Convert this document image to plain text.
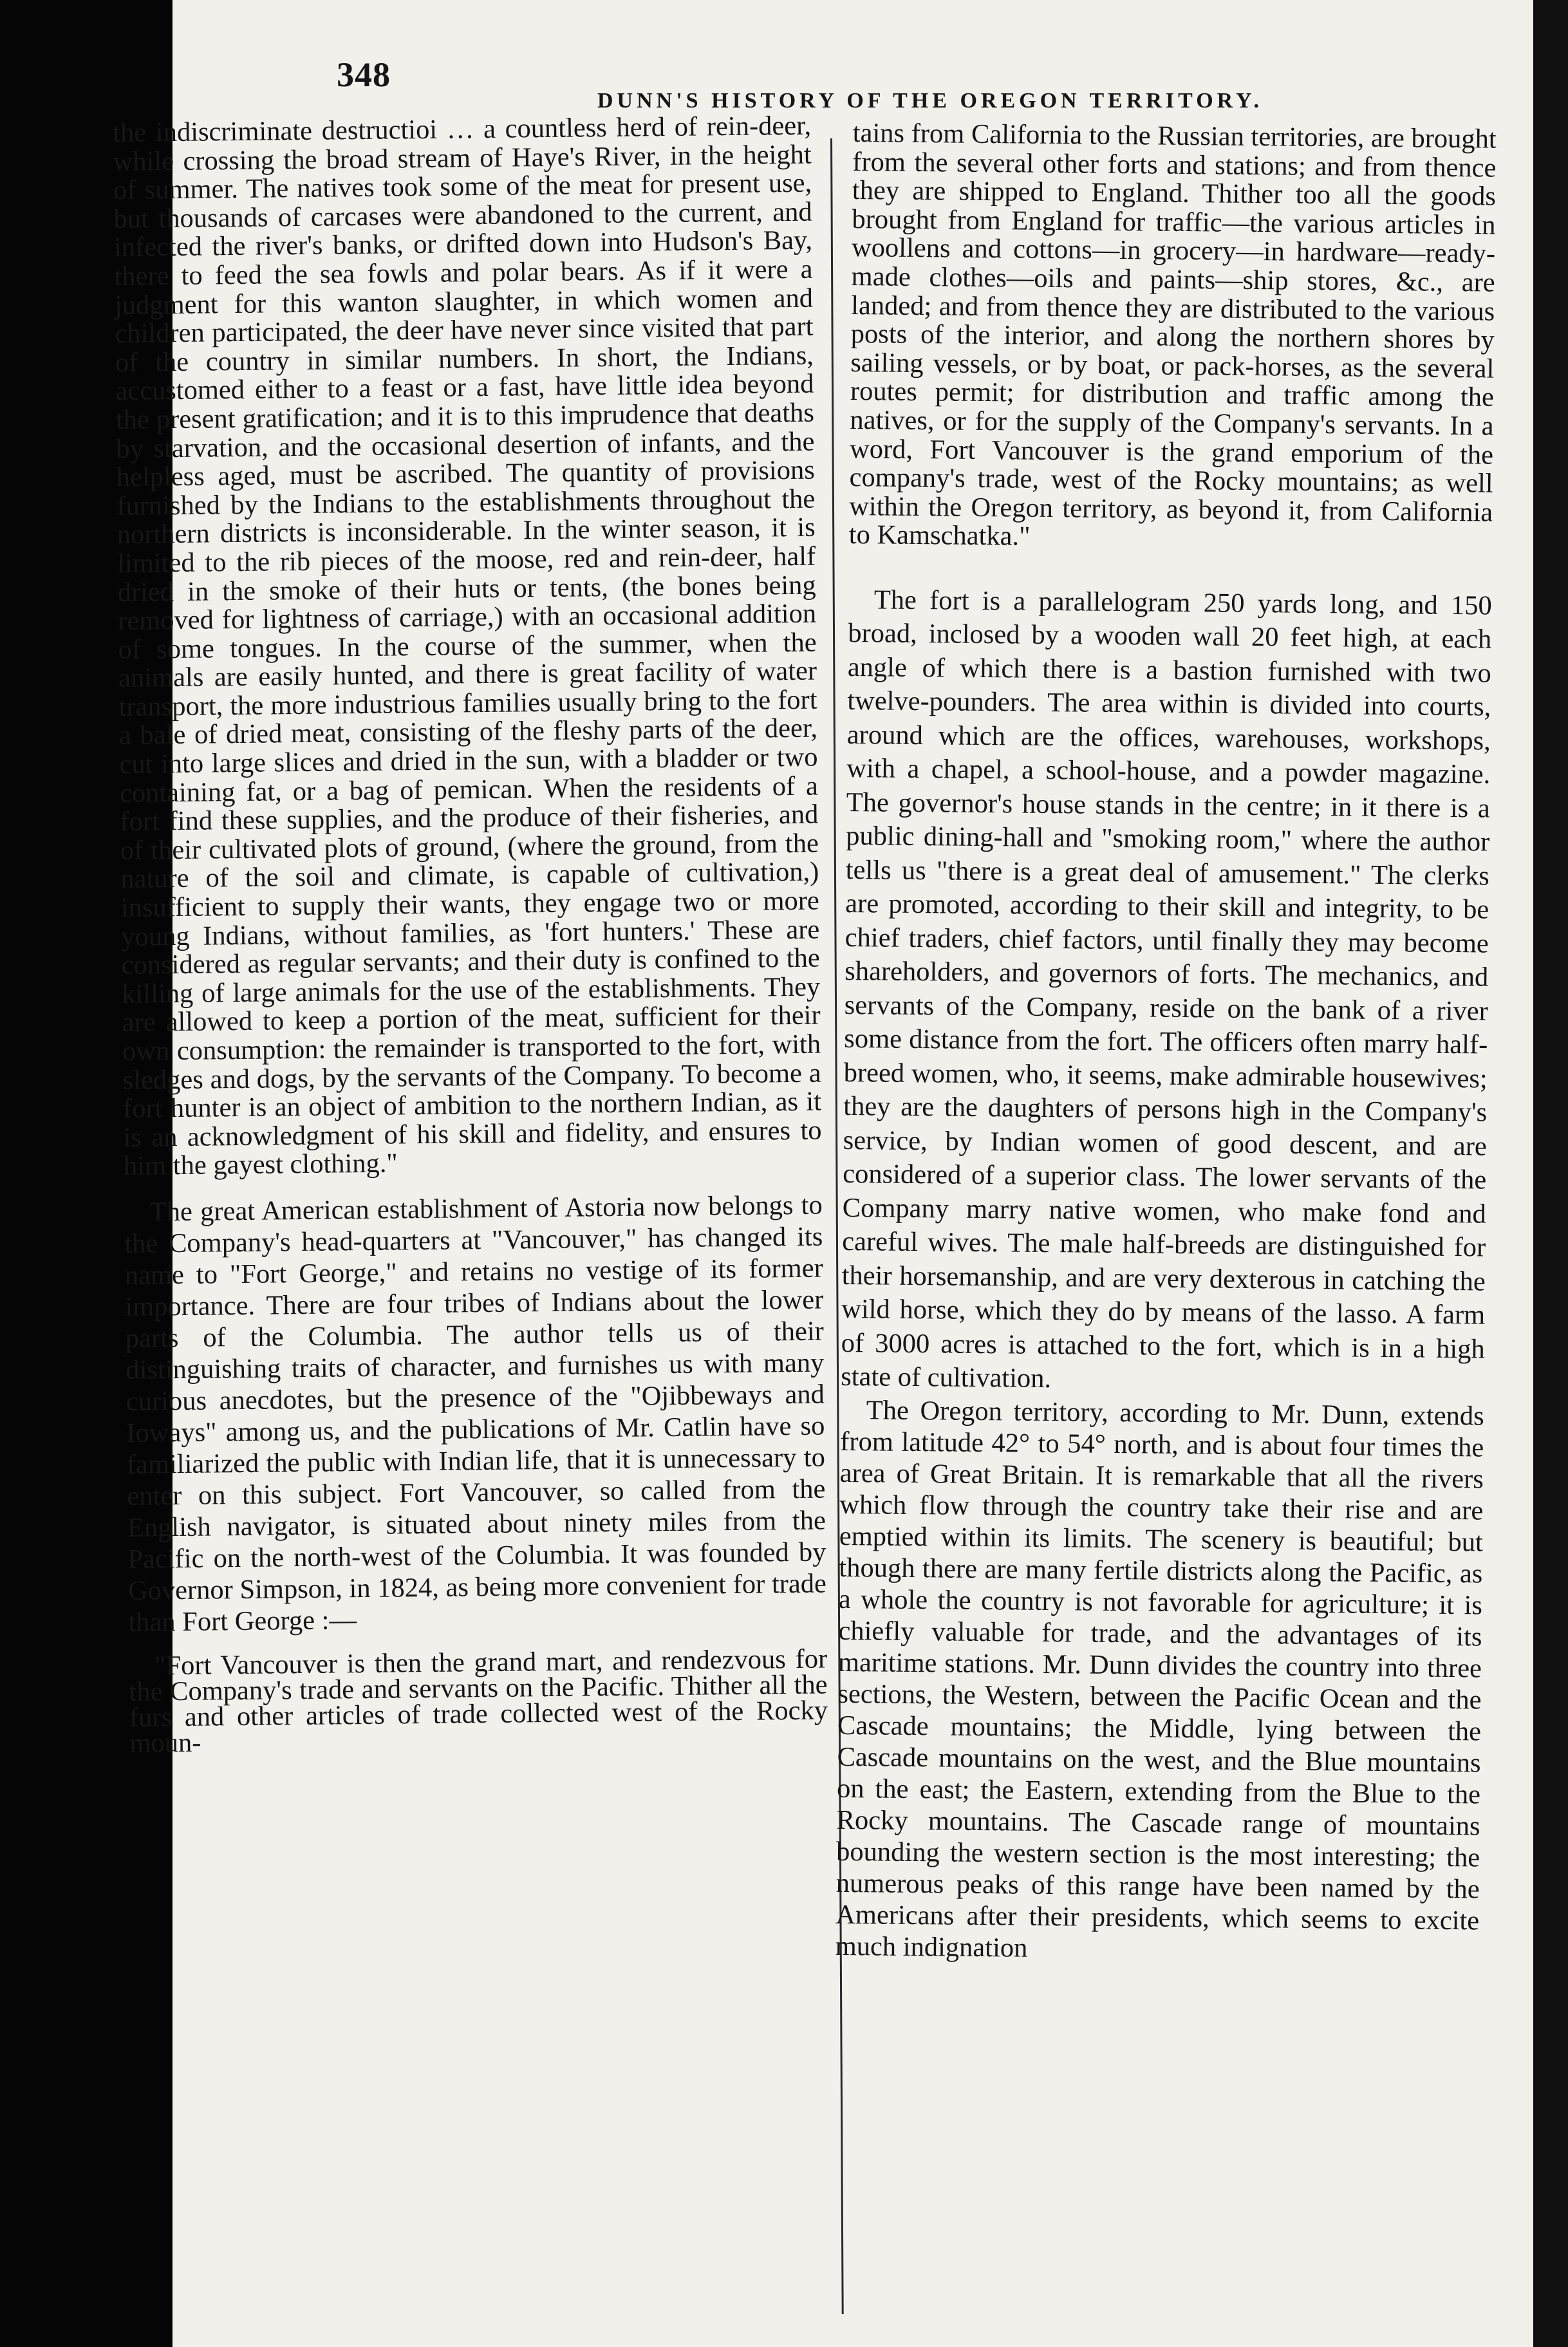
348
DUNN'S HISTORY OF THE OREGON TERRITORY.

the indiscriminate destructioi … a countless herd of rein-deer, while crossing the broad stream of Haye's River, in the height of summer. The natives took some of the meat for present use, but thousands of carcases were abandoned to the current, and infected the river's banks, or drifted down into Hudson's Bay, there to feed the sea fowls and polar bears. As if it were a judgment for this wanton slaughter, in which women and children participated, the deer have never since visited that part of the country in similar numbers. In short, the Indians, accustomed either to a feast or a fast, have little idea beyond the present gratification; and it is to this imprudence that deaths by starvation, and the occasional desertion of infants, and the helpless aged, must be ascribed. The quantity of provisions furnished by the Indians to the establishments throughout the northern districts is inconsiderable. In the winter season, it is limited to the rib pieces of the moose, red and rein-deer, half dried in the smoke of their huts or tents, (the bones being removed for lightness of carriage,) with an occasional addition of some tongues. In the course of the summer, when the animals are easily hunted, and there is great facility of water transport, the more industrious families usually bring to the fort a bale of dried meat, consisting of the fleshy parts of the deer, cut into large slices and dried in the sun, with a bladder or two containing fat, or a bag of pemican. When the residents of a fort find these supplies, and the produce of their fisheries, and of their cultivated plots of ground, (where the ground, from the nature of the soil and climate, is capable of cultivation,) insufficient to supply their wants, they engage two or more young Indians, without families, as 'fort hunters.' These are considered as regular servants; and their duty is confined to the killing of large animals for the use of the establishments. They are allowed to keep a portion of the meat, sufficient for their own consumption: the remainder is transported to the fort, with sledges and dogs, by the servants of the Company. To become a fort hunter is an object of ambition to the northern Indian, as it is an acknowledgment of his skill and fidelity, and ensures to him the gayest clothing."

The great American establishment of Astoria now belongs to the Company's head-quarters at "Vancouver," has changed its name to "Fort George," and retains no vestige of its former importance. There are four tribes of Indians about the lower parts of the Columbia. The author tells us of their distinguishing traits of character, and furnishes us with many curious anecdotes, but the presence of the "Ojibbeways and Ioways" among us, and the publications of Mr. Catlin have so familiarized the public with Indian life, that it is unnecessary to enter on this subject. Fort Vancouver, so called from the English navigator, is situated about ninety miles from the Pacific on the north-west of the Columbia. It was founded by Governor Simpson, in 1824, as being more convenient for trade than Fort George :—

"Fort Vancouver is then the grand mart, and rendezvous for the Company's trade and servants on the Pacific. Thither all the furs and other articles of trade collected west of the Rocky moun-

tains from California to the Russian territories, are brought from the several other forts and stations; and from thence they are shipped to England. Thither too all the goods brought from England for traffic—the various articles in woollens and cottons—in grocery—in hardware—ready-made clothes—oils and paints—ship stores, &c., are landed; and from thence they are distributed to the various posts of the interior, and along the northern shores by sailing vessels, or by boat, or pack-horses, as the several routes permit; for distribution and traffic among the natives, or for the supply of the Company's servants. In a word, Fort Vancouver is the grand emporium of the company's trade, west of the Rocky mountains; as well within the Oregon territory, as beyond it, from California to Kamschatka."

The fort is a parallelogram 250 yards long, and 150 broad, inclosed by a wooden wall 20 feet high, at each angle of which there is a bastion furnished with two twelve-pounders. The area within is divided into courts, around which are the offices, warehouses, workshops, with a chapel, a school-house, and a powder magazine. The governor's house stands in the centre; in it there is a public dining-hall and "smoking room," where the author tells us "there is a great deal of amusement." The clerks are promoted, according to their skill and integrity, to be chief traders, chief factors, until finally they may become shareholders, and governors of forts. The mechanics, and servants of the Company, reside on the bank of a river some distance from the fort. The officers often marry half-breed women, who, it seems, make admirable housewives; they are the daughters of persons high in the Company's service, by Indian women of good descent, and are considered of a superior class. The lower servants of the Company marry native women, who make fond and careful wives. The male half-breeds are distinguished for their horsemanship, and are very dexterous in catching the wild horse, which they do by means of the lasso. A farm of 3000 acres is attached to the fort, which is in a high state of cultivation.

The Oregon territory, according to Mr. Dunn, extends from latitude 42° to 54° north, and is about four times the area of Great Britain. It is remarkable that all the rivers which flow through the country take their rise and are emptied within its limits. The scenery is beautiful; but though there are many fertile districts along the Pacific, as a whole the country is not favorable for agriculture; it is chiefly valuable for trade, and the advantages of its maritime stations. Mr. Dunn divides the country into three sections, the Western, between the Pacific Ocean and the Cascade mountains; the Middle, lying between the Cascade mountains on the west, and the Blue mountains on the east; the Eastern, extending from the Blue to the Rocky mountains. The Cascade range of mountains bounding the western section is the most interesting; the numerous peaks of this range have been named by the Americans after their presidents, which seems to excite much indignation
